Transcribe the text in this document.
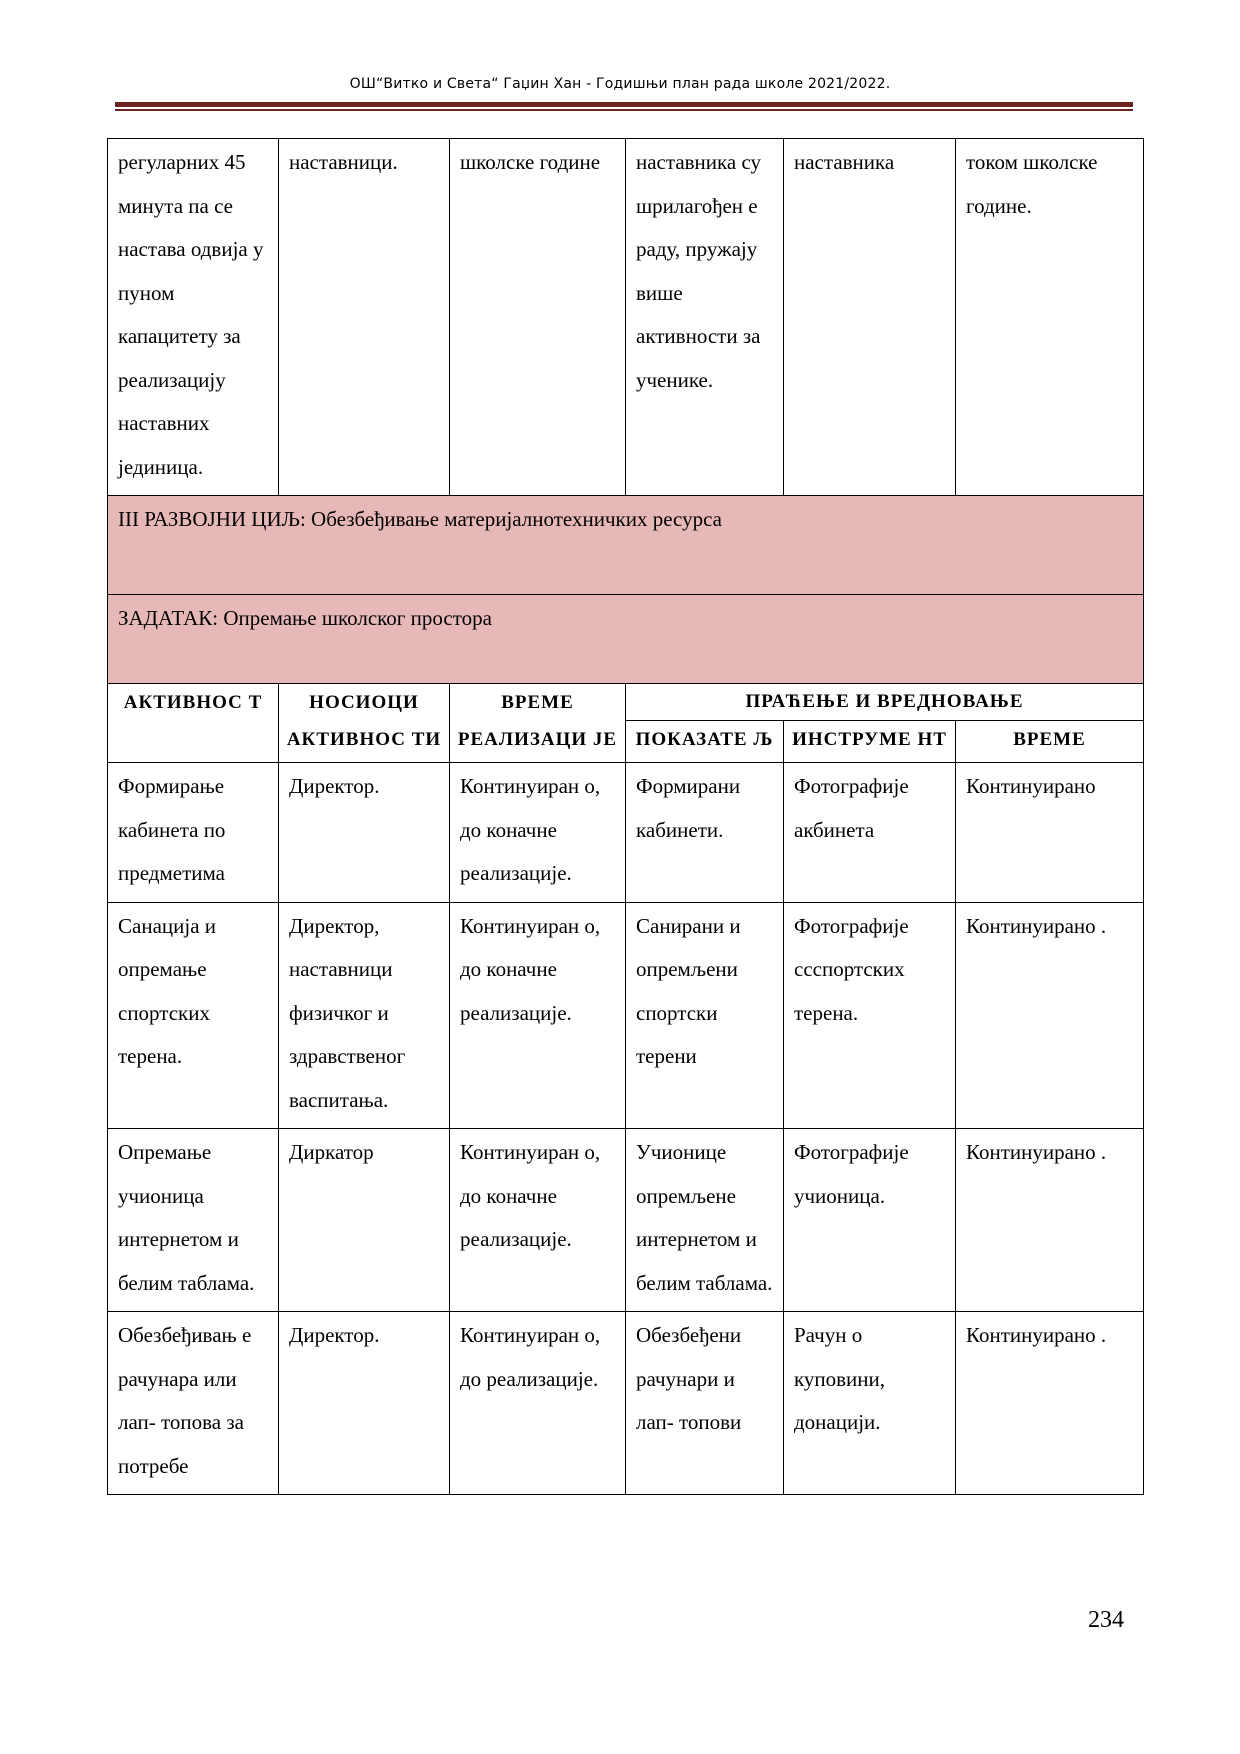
ОШ“Витко и Света“ Гаџин Хан - Годишњи план рада школе 2021/2022.
регуларних 45 минута па се настава одвија у пуном капацитету за реализацију наставних јединица.	наставници.	школске године	наставника су шрилагођен е раду, пружају више активности за ученике.	наставника	током школске године.
III РАЗВОЈНИ ЦИЉ: Обезбеђивање материјалнотехничких ресурса					
ЗАДАТАК: Опремање школског простора					
АКТИВНОС Т	НОСИОЦИ АКТИВНОС ТИ	ВРЕМЕ РЕАЛИЗАЦИ ЈЕ	ПРАЋЕЊЕ И ВРЕДНОВАЊЕ		
			ПОКАЗАТЕ Љ	ИНСТРУМЕ НТ	ВРЕМЕ
Формирање кабинета по предметима	Директор.	Континуиран о, до коначне реализације.	Формирани кабинети.	Фотографије акбинета	Континуирано
Санација и опремање спортских терена.	Директор, наставници физичког и здравственог васпитања.	Континуиран о, до коначне реализације.	Санирани и опремљени спортски терени	Фотографије ссспортских терена.	Континуирано .
Опремање учионица интернетом и белим таблама.	Диркатор	Континуиран о, до коначне реализације.	Учионице опремљене интернетом и белим таблама.	Фотографије учионица.	Континуирано .
Обезбеђивањ е рачунара или лап- топова за потребе	Директор.	Континуиран о, до реализације.	Обезбеђени рачунари и лап- топови	Рачун о куповини, донацији.	Континуирано .
234
